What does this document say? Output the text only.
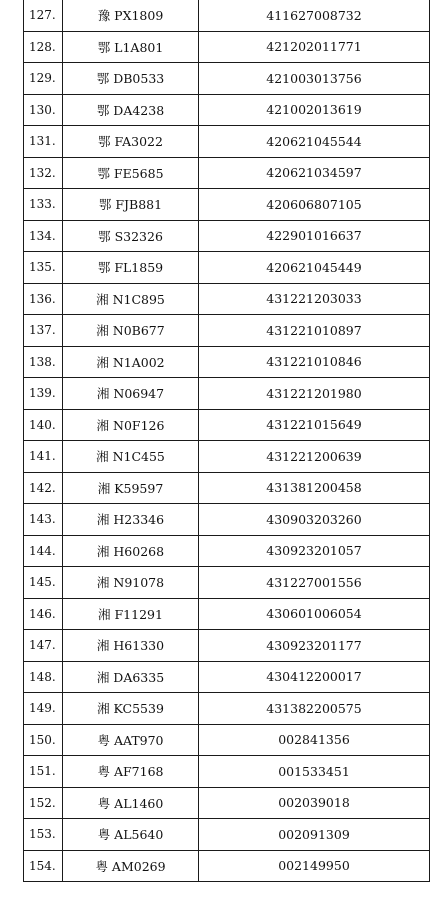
127.	豫 PX1809	411627008732
128.	鄂 L1A801	421202011771
129.	鄂 DB0533	421003013756
130.	鄂 DA4238	421002013619
131.	鄂 FA3022	420621045544
132.	鄂 FE5685	420621034597
133.	鄂 FJB881	420606807105
134.	鄂 S32326	422901016637
135.	鄂 FL1859	420621045449
136.	湘 N1C895	431221203033
137.	湘 N0B677	431221010897
138.	湘 N1A002	431221010846
139.	湘 N06947	431221201980
140.	湘 N0F126	431221015649
141.	湘 N1C455	431221200639
142.	湘 K59597	431381200458
143.	湘 H23346	430903203260
144.	湘 H60268	430923201057
145.	湘 N91078	431227001556
146.	湘 F11291	430601006054
147.	湘 H61330	430923201177
148.	湘 DA6335	430412200017
149.	湘 KC5539	431382200575
150.	粤 AAT970	002841356
151.	粤 AF7168	001533451
152.	粤 AL1460	002039018
153.	粤 AL5640	002091309
154.	粤 AM0269	002149950
